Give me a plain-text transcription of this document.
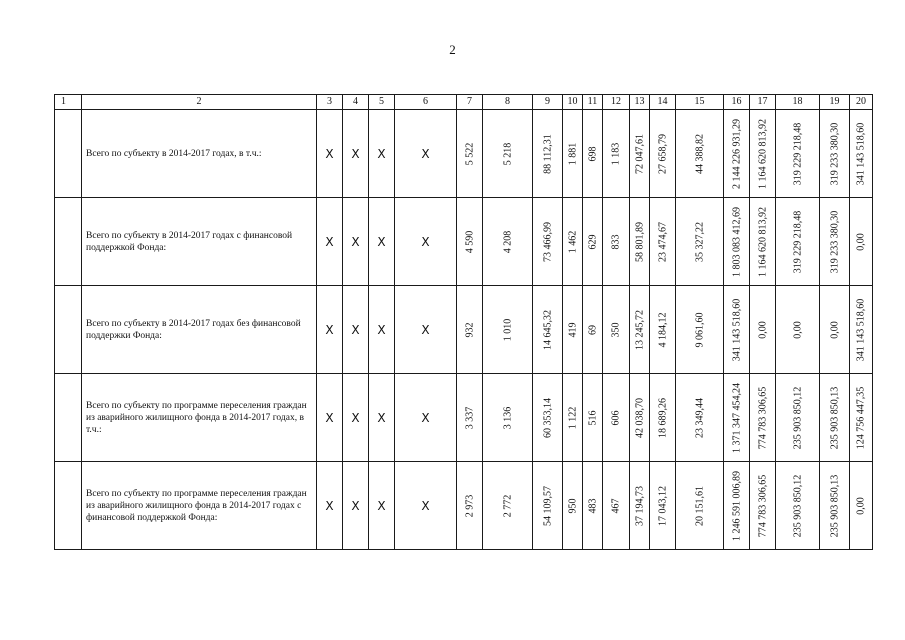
2
1	2	3	4	5	6	7	8	9	10	11	12	13	14	15	16	17	18	19	20
	Всего по субъекту в 2014-2017 годах, в т.ч.:	X	X	X	X	5 522	5 218	88 112,31	1 881	698	1 183	72 047,61	27 658,79	44 388,82	2 144 226 931,29	1 164 620 813,92	319 229 218,48	319 233 380,30	341 143 518,60

	Всего по субъекту в 2014-2017 годах с финансовой поддержкой Фонда:	X	X	X	X	4 590	4 208	73 466,99	1 462	629	833	58 801,89	23 474,67	35 327,22	1 803 083 412,69	1 164 620 813,92	319 229 218,48	319 233 380,30	0,00

	Всего по субъекту в 2014-2017 годах без финансовой поддержки Фонда:	X	X	X	X	932	1 010	14 645,32	419	69	350	13 245,72	4 184,12	9 061,60	341 143 518,60	0,00	0,00	0,00	341 143 518,60

	Всего по субъекту по программе переселения граждан из аварийного жилищного фонда в 2014-2017 годах, в т.ч.:	X	X	X	X	3 337	3 136	60 353,14	1 122	516	606	42 038,70	18 689,26	23 349,44	1 371 347 454,24	774 783 306,65	235 903 850,12	235 903 850,13	124 756 447,35

	Всего по субъекту по программе переселения граждан из аварийного жилищного фонда в 2014-2017 годах с финансовой поддержкой Фонда:	X	X	X	X	2 973	2 772	54 109,57	950	483	467	37 194,73	17 043,12	20 151,61	1 246 591 006,89	774 783 306,65	235 903 850,12	235 903 850,13	0,00
